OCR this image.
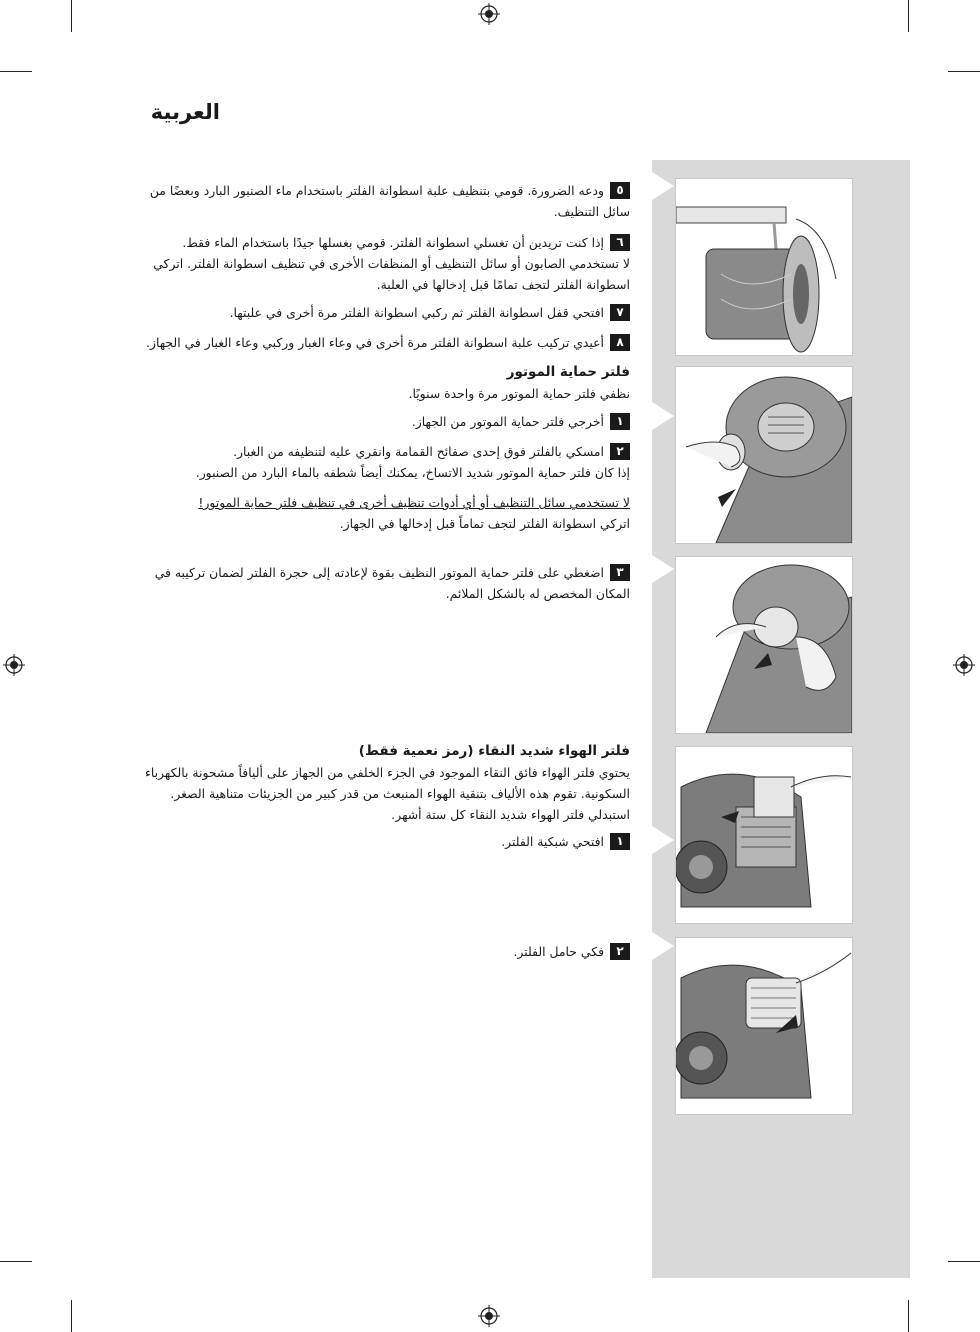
العربية
٥ودعه الضرورة. قومي بتنظيف علبة اسطوانة الفلتر باستخدام ماء الصنبور البارد وبعضًا من
سائل التنظيف.
٦إذا كنت تريدين أن تغسلي اسطوانة الفلتر. قومي بغسلها جيدًا باستخدام الماء فقط.
لا تستخدمي الصابون أو سائل التنظيف أو المنظفات الأخرى في تنظيف اسطوانة الفلتر. اتركي
اسطوانة الفلتر لتجف تمامًا قبل إدخالها في العلبة.
٧افتحي قفل اسطوانة الفلتر ثم ركبي اسطوانة الفلتر مرة أخرى في علبتها.
٨أعيدي تركيب علبة اسطوانة الفلتر مرة أخرى في وعاء الغبار وركبي وعاء الغبار في الجهاز.
فلتر حماية الموتور
نظفي فلتر حماية الموتور مرة واحدة سنويًا.
١أخرجي فلتر حماية الموتور من الجهاز.
٢امسكي بالفلتر فوق إحدى صفائح القمامة وانقري عليه لتنظيفه من الغبار.
إذا كان فلتر حماية الموتور شديد الاتساخ، يمكنك أيضاً شطفه بالماء البارد من الصنبور.
لا تستخدمي سائل التنظيف أو أي أدوات تنظيف أخرى في تنظيف فلتر حماية الموتور!
اتركي اسطوانة الفلتر لتجف تماماً قبل إدخالها في الجهاز.
٣اضغطي على فلتر حماية الموتور النظيف بقوة لإعادته إلى حجرة الفلتر لضمان تركيبه في
المكان المخصص له بالشكل الملائم.
فلتر الهواء شديد النقاء (رمز نعمية فقط)
يحتوي فلتر الهواء فائق النقاء الموجود في الجزء الخلفي من الجهاز على أليافاً مشحونة بالكهرباء
السكونية. تقوم هذه الألياف بتنقية الهواء المنبعث من قدر كبير من الجزيئات متناهية الصغر.
استبدلي فلتر الهواء شديد النقاء كل ستة أشهر.
١افتحي شبكية الفلتر.
٢فكي حامل الفلتر.
